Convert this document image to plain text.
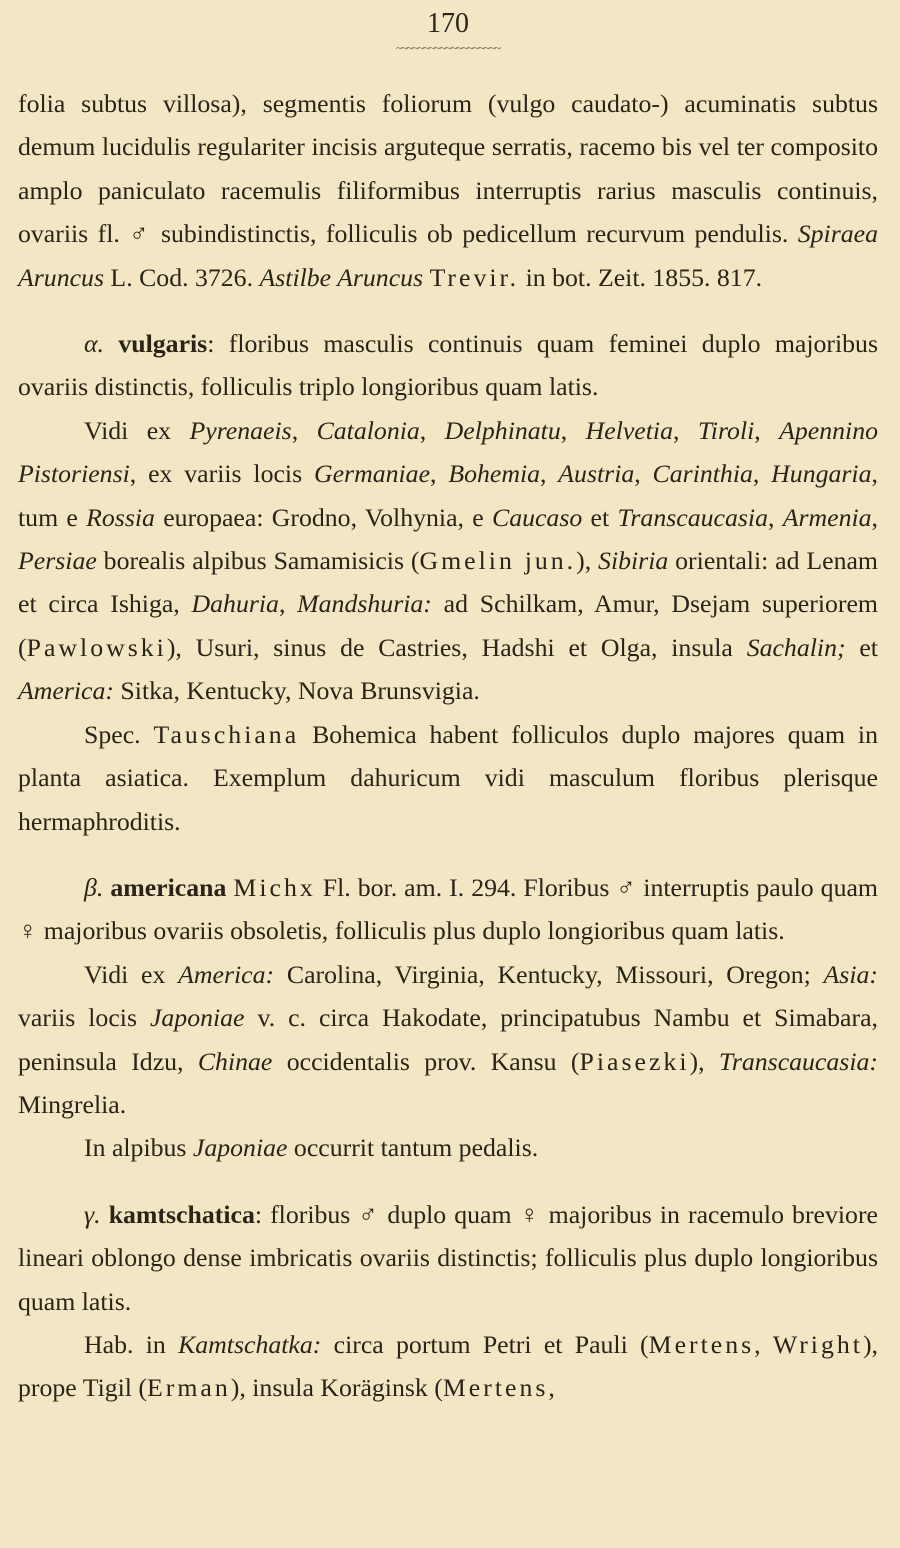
170
~~~~~~~~~~~~~~~~~~~

folia subtus villosa), segmentis foliorum (vulgo caudato-) acuminatis subtus demum lucidulis regulariter incisis arguteque serratis, racemo bis vel ter composito amplo paniculato racemulis filiformibus interruptis rarius masculis continuis, ovariis fl. ♂ subindistinctis, folliculis ob pedicellum recurvum pendulis. Spiraea Aruncus L. Cod. 3726. Astilbe Aruncus Trevir. in bot. Zeit. 1855. 817.

α. vulgaris: floribus masculis continuis quam feminei duplo majoribus ovariis distinctis, folliculis triplo longioribus quam latis.

Vidi ex Pyrenaeis, Catalonia, Delphinatu, Helvetia, Tiroli, Apennino Pistoriensi, ex variis locis Germaniae, Bohemia, Austria, Carinthia, Hungaria, tum e Rossia europaea: Grodno, Volhynia, e Caucaso et Transcaucasia, Armenia, Persiae borealis alpibus Samamisicis (Gmelin jun.), Sibiria orientali: ad Lenam et circa Ishiga, Dahuria, Mandshuria: ad Schilkam, Amur, Dsejam superiorem (Pawlowski), Usuri, sinus de Castries, Hadshi et Olga, insula Sachalin; et America: Sitka, Kentucky, Nova Brunsvigia.

Spec. Tauschiana Bohemica habent folliculos duplo majores quam in planta asiatica. Exemplum dahuricum vidi masculum floribus plerisque hermaphroditis.

β. americana Michx Fl. bor. am. I. 294. Floribus ♂ interruptis paulo quam ♀ majoribus ovariis obsoletis, folliculis plus duplo longioribus quam latis.

Vidi ex America: Carolina, Virginia, Kentucky, Missouri, Oregon; Asia: variis locis Japoniae v. c. circa Hakodate, principatubus Nambu et Simabara, peninsula Idzu, Chinae occidentalis prov. Kansu (Piasezki), Transcaucasia: Mingrelia.

In alpibus Japoniae occurrit tantum pedalis.

γ. kamtschatica: floribus ♂ duplo quam ♀ majoribus in racemulo breviore lineari oblongo dense imbricatis ovariis distinctis; folliculis plus duplo longioribus quam latis.

Hab. in Kamtschatka: circa portum Petri et Pauli (Mertens, Wright), prope Tigil (Erman), insula Koräginsk (Mertens,
